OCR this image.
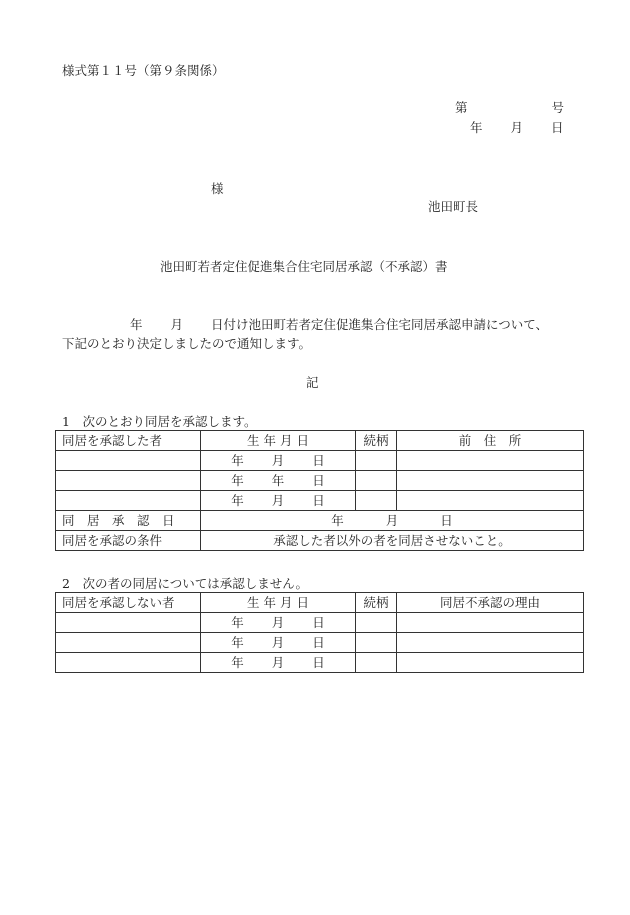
様式第１１号（第９条関係）
第	号
年 月 日
様
池田町長
池田町若者定住促進集合住宅同居承認（不承認）書
年 月 日付け池田町若者定住促進集合住宅同居承認申請について、
下記のとおり決定しましたので通知します。
記
1　次のとおり同居を承認します。
同居を承認した者	生 年 月 日	続柄	前　住　所
	年 月 日		
	年 年 日		
	年 月 日		
同　居　承　認　日	年 月 日		
同居を承認の条件	承認した者以外の者を同居させないこと。		
2　次の者の同居については承認しません。
同居を承認しない者	生 年 月 日	続柄	同居不承認の理由
	年 月 日		
	年 月 日		
	年 月 日		
